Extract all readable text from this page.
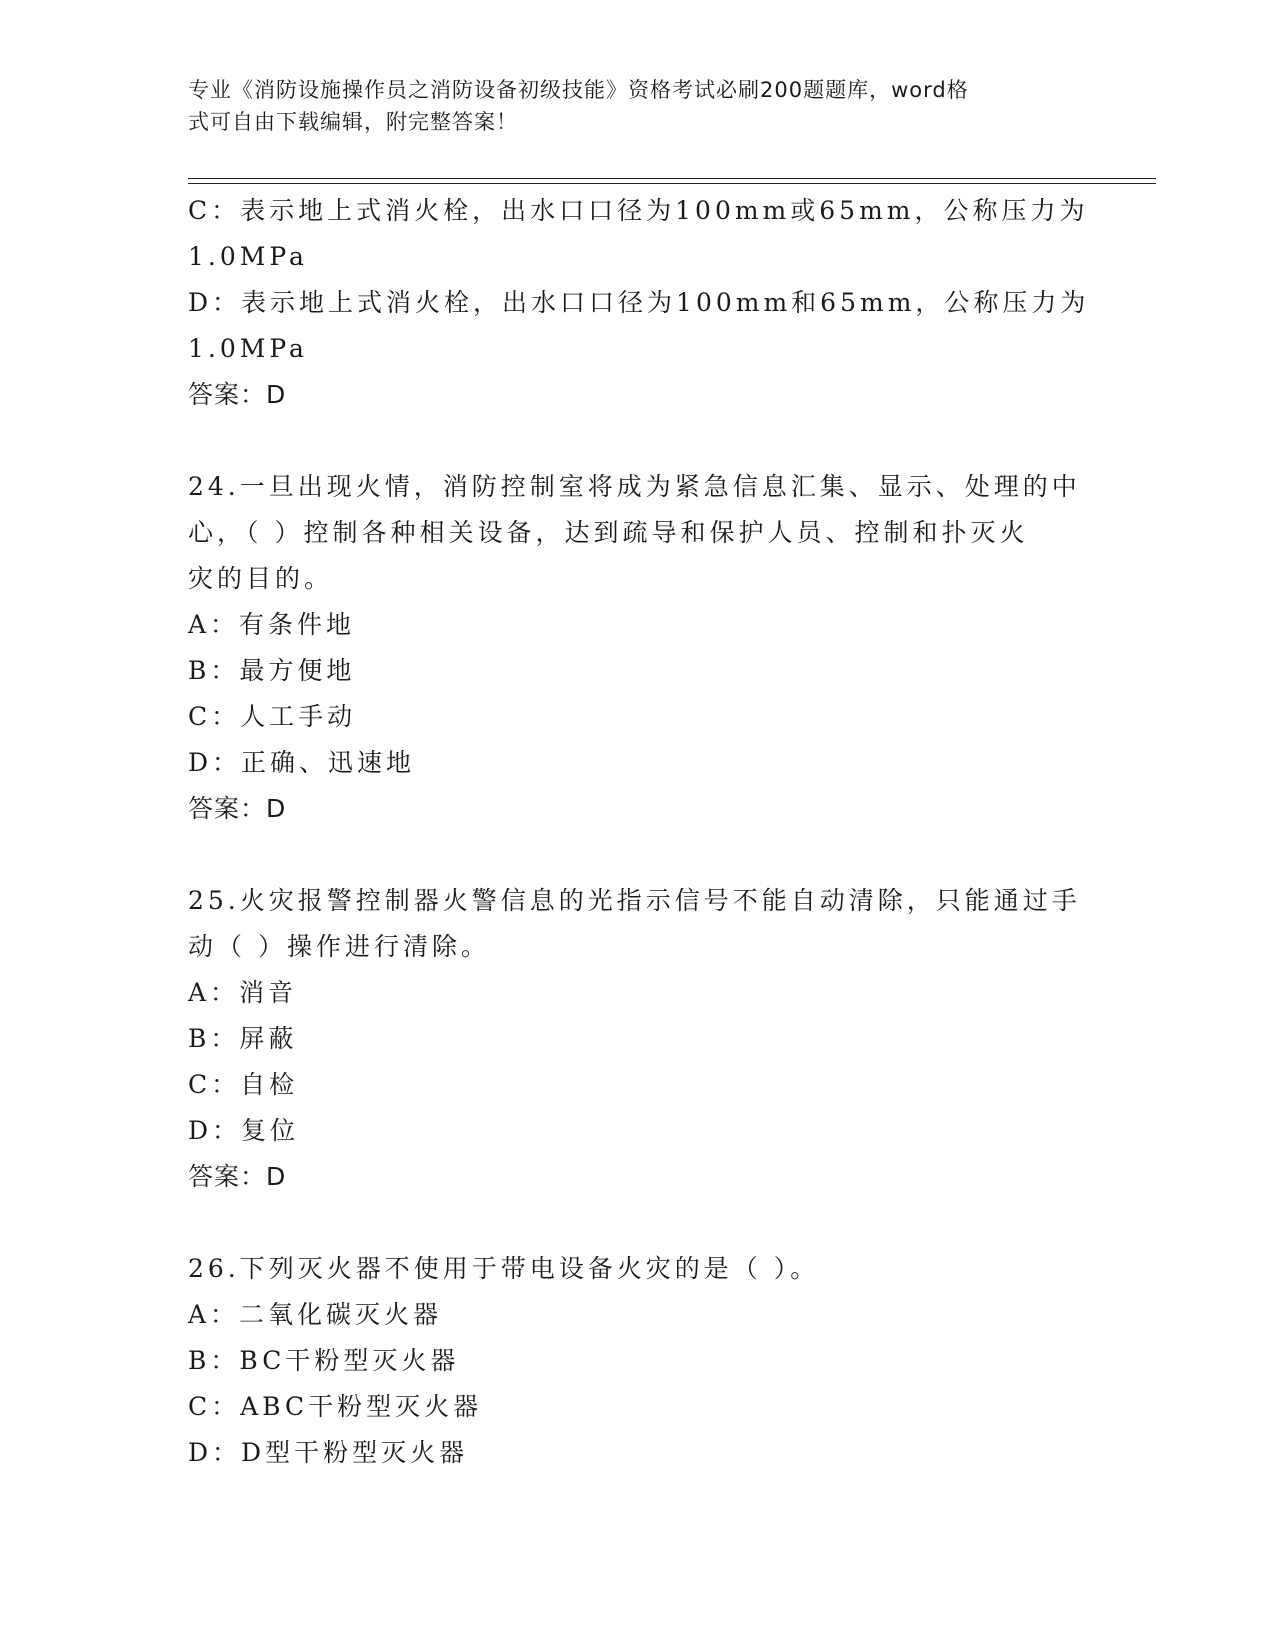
专业《消防设施操作员之消防设备初级技能》资格考试必刷200题题库，word格
式可自由下载编辑，附完整答案！

C：表示地上式消火栓，出水口口径为100mm或65mm，公称压力为

1.0MPa

D：表示地上式消火栓，出水口口径为100mm和65mm，公称压力为

1.0MPa

答案：D

24.一旦出现火情，消防控制室将成为紧急信息汇集、显示、处理的中

心，（ ）控制各种相关设备，达到疏导和保护人员、控制和扑灭火

灾的目的。

A：有条件地

B：最方便地

C：人工手动

D：正确、迅速地

答案：D

25.火灾报警控制器火警信息的光指示信号不能自动清除，只能通过手

动（ ）操作进行清除。

A：消音

B：屏蔽

C：自检

D：复位

答案：D

26.下列灭火器不使用于带电设备火灾的是（ ）。

A：二氧化碳灭火器

B：BC干粉型灭火器

C：ABC干粉型灭火器

D：D型干粉型灭火器
